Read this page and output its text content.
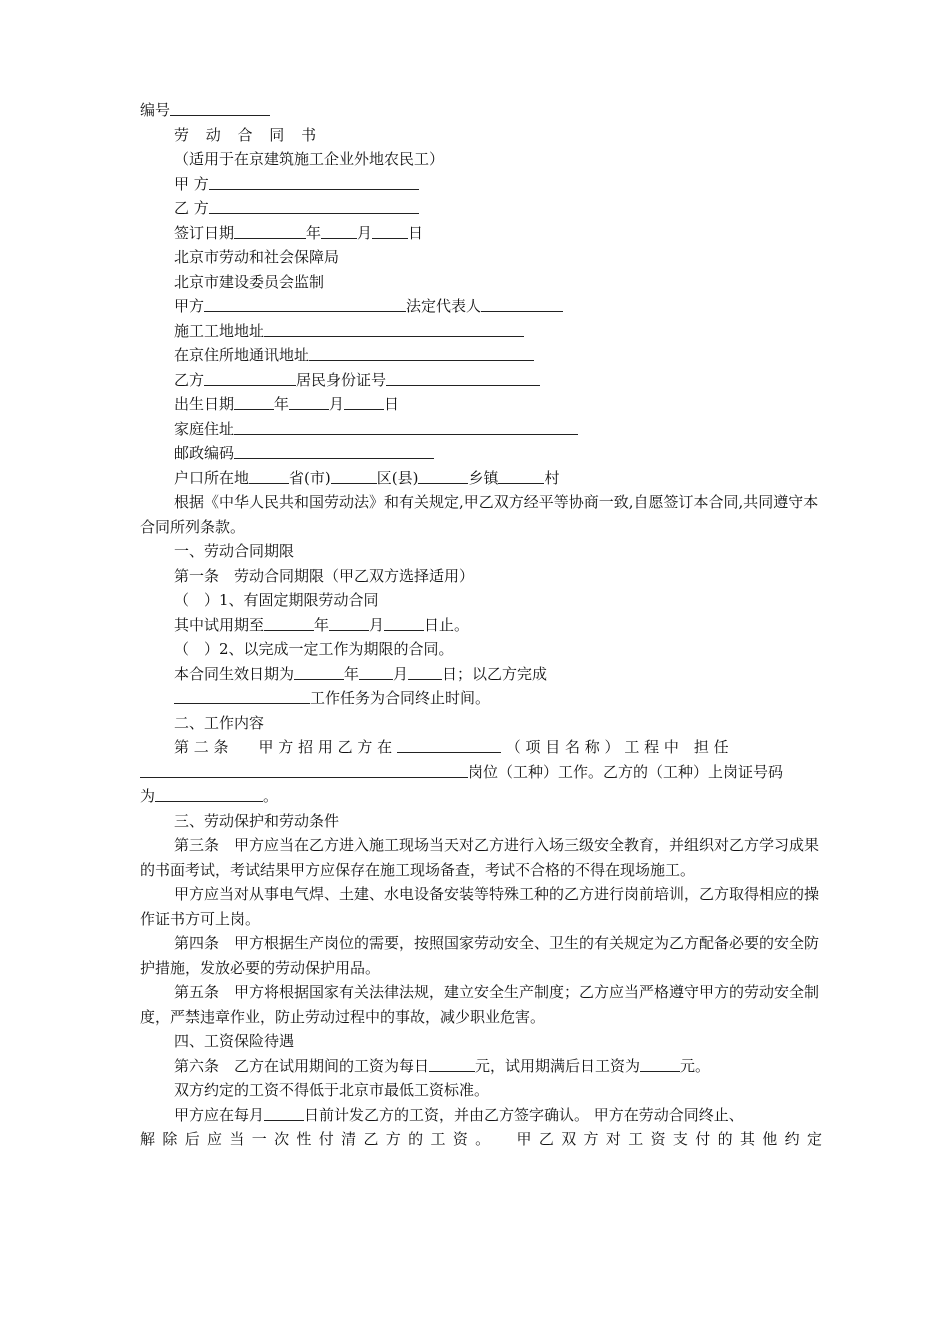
编号
劳 动 合 同 书
（适用于在京建筑施工企业外地农民工）
甲 方
乙 方
签订日期	年 月 日
北京市劳动和社会保障局
北京市建设委员会监制
甲方	法定代表人
施工工地地址
在京住所地通讯地址
乙方	居民身份证号
出生日期	年	月	日
家庭住址
邮政编码
户口所在地	省(市)	区(县)	乡镇	村

根据《中华人民共和国劳动法》和有关规定,甲乙双方经平等协商一致,自愿签订本合同,共同遵守本合同所列条款。

一、劳动合同期限
第一条　劳动合同期限（甲乙双方选择适用）
（　）1、有固定期限劳动合同
其中试用期至	年	月	日止。
（　）2、以完成一定工作为期限的合同。
本合同生效日期为	年 月 日；以乙方完成
工作任务为合同终止时间。
二、工作内容
第 二 条　　甲 方 招 用 乙 方 在	（ 项 目 名 称 ） 工 程 中　担 任
岗位（工种）工作。乙方的（工种）上岗证号码
为	。
三、劳动保护和劳动条件

第三条　甲方应当在乙方进入施工现场当天对乙方进行入场三级安全教育，并组织对乙方学习成果的书面考试，考试结果甲方应保存在施工现场备查，考试不合格的不得在现场施工。

甲方应当对从事电气焊、土建、水电设备安装等特殊工种的乙方进行岗前培训，乙方取得相应的操作证书方可上岗。

第四条　甲方根据生产岗位的需要，按照国家劳动安全、卫生的有关规定为乙方配备必要的安全防护措施，发放必要的劳动保护用品。

第五条　甲方将根据国家有关法律法规，建立安全生产制度；乙方应当严格遵守甲方的劳动安全制度，严禁违章作业，防止劳动过程中的事故，减少职业危害。

四、工资保险待遇
第六条　乙方在试用期间的工资为每日	元，试用期满后日工资为	元。
双方约定的工资不得低于北京市最低工资标准。
甲方应在每月	日前计发乙方的工资，并由乙方签字确认。 甲方在劳动合同终止、
解 除 后 应 当 一 次 性 付 清 乙 方 的 工 资 。　　甲 乙 双 方 对 工 资 支 付 的 其 他 约 定
